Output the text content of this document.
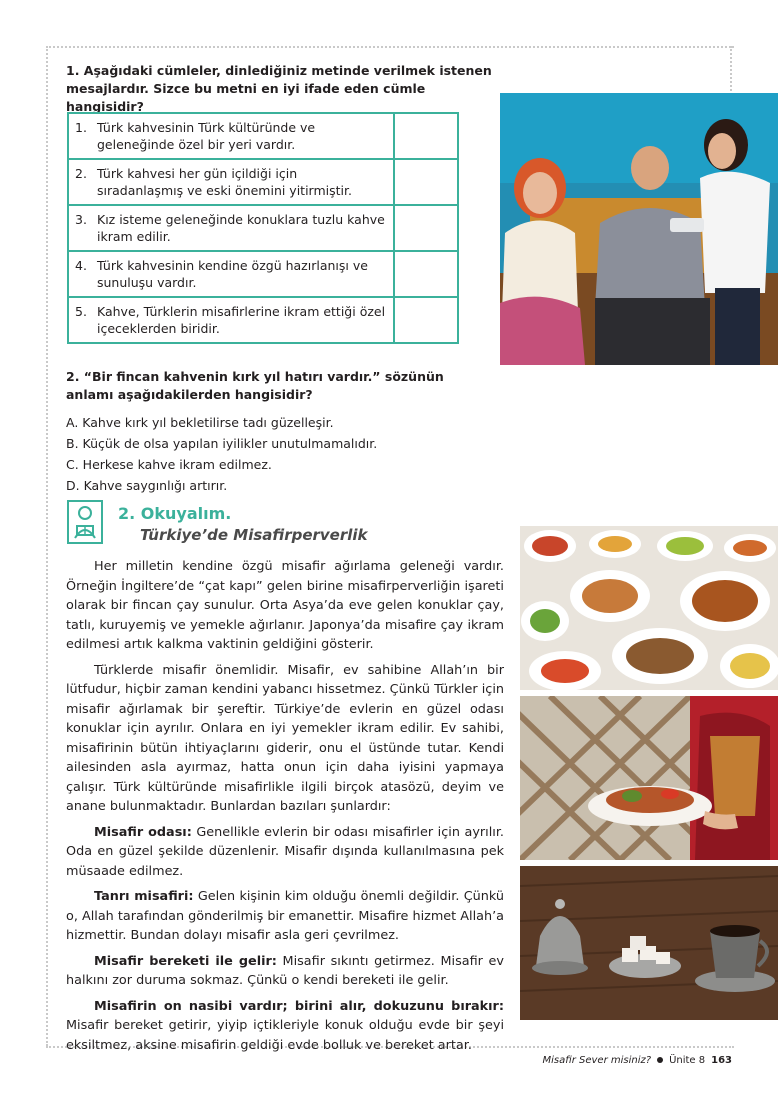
1. Aşağıdaki cümleler, dinlediğiniz metinde verilmek istenen mesajlardır. Sizce bu metni en iyi ifade eden cümle hangisidir?
1.	Türk kahvesinin Türk kültüründe ve geleneğinde özel bir yeri vardır.	
2.	Türk kahvesi her gün içildiği için sıradanlaşmış ve eski önemini yitirmiştir.	
3.	Kız isteme geleneğinde konuklara tuzlu kahve ikram edilir.	
4.	Türk kahvesinin kendine özgü hazırlanışı ve sunuluşu vardır.	
5.	Kahve, Türklerin misafirlerine ikram ettiği özel içeceklerden biridir.	
2. “Bir fincan kahvenin kırk yıl hatırı vardır.” sözünün anlamı aşağıdakilerden hangisidir?
A. Kahve kırk yıl bekletilirse tadı güzelleşir.
B. Küçük de olsa yapılan iyilikler unutulmamalıdır.
C. Herkese kahve ikram edilmez.
D. Kahve saygınlığı artırır.
2. Okuyalım.
Türkiye’de Misafirperverlik

Her milletin kendine özgü misafir ağırlama geleneği vardır. Örneğin İngiltere’de “çat kapı” gelen birine misafirperverliğin işareti olarak bir fincan çay sunulur. Orta Asya’da eve gelen konuklar çay, tatlı, kuruyemiş ve yemekle ağırlanır. Japonya’da misafire çay ikram edilmesi artık kalkma vaktinin geldiğini gösterir.

Türklerde misafir önemlidir. Misafir, ev sahibine Allah’ın bir lütfudur, hiçbir zaman kendini yabancı hissetmez. Çünkü Türkler için misafir ağırlamak bir şereftir. Türkiye’de evlerin en güzel odası konuklar için ayrılır. Onlara en iyi yemekler ikram edilir. Ev sahibi, misafirinin bütün ihtiyaçlarını giderir, onu el üstünde tutar. Kendi ailesinden asla ayırmaz, hatta onun için daha iyisini yapmaya çalışır. Türk kültüründe misafirlikle ilgili birçok atasözü, deyim ve anane bulunmaktadır. Bunlardan bazıları şunlardır:

Misafir odası: Genellikle evlerin bir odası misafirler için ayrılır. Oda en güzel şekilde düzenlenir. Misafir dışında kullanılmasına pek müsaade edilmez.

Tanrı misafiri: Gelen kişinin kim olduğu önemli değildir. Çünkü o, Allah tarafından gönderilmiş bir emanettir. Misafire hizmet Allah’a hizmettir. Bundan dolayı misafir asla geri çevrilmez.

Misafir bereketi ile gelir: Misafir sıkıntı getirmez. Misafir ev halkını zor duruma sokmaz. Çünkü o kendi bereketi ile gelir.

Misafirin on nasibi vardır; birini alır, dokuzunu bırakır: Misafir bereket getirir, yiyip içtikleriyle konuk olduğu evde bir şeyi eksiltmez, aksine misafirin geldiği evde bolluk ve bereket artar.

Misafir Sever misiniz? Ünite 8 163
